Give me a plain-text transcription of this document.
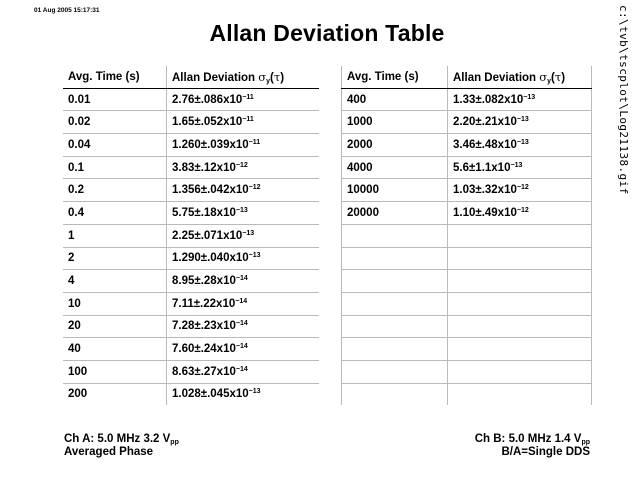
01 Aug 2005 15:17:31	c:\tvb\tscplot\Log21138.gif
Allan Deviation Table
Avg. Time (s)	Allan Deviation $\sigma_y(\tau)$
0.01	$2.76\pm.086x10^{-11}$
0.02	$1.65\pm.052x10^{-11}$
0.04	$1.260\pm.039x10^{-11}$
0.1	$3.83\pm.12x10^{-12}$
0.2	$1.356\pm.042x10^{-12}$
0.4	$5.75\pm.18x10^{-13}$
1	$2.25\pm.071x10^{-13}$
2	$1.290\pm.040x10^{-13}$
4	$8.95\pm.28x10^{-14}$
10	$7.11\pm.22x10^{-14}$
20	$7.28\pm.23x10^{-14}$
40	$7.60\pm.24x10^{-14}$
100	$8.63\pm.27x10^{-14}$
200	$1.028\pm.045x10^{-13}$
Avg. Time (s)	Allan Deviation $\sigma_y(\tau)$
400	$1.33\pm.082x10^{-13}$
1000	$2.20\pm.21x10^{-13}$
2000	$3.46\pm.48x10^{-13}$
4000	$5.6\pm 1.1x10^{-13}$
10000	$1.03\pm.32x10^{-12}$
20000	$1.10\pm.49x10^{-12}$

Ch A: 5.0 MHz 3.2 $V_{pp}$
Averaged Phase
Ch B: 5.0 MHz 1.4 $V_{pp}$
B/A=Single DDS
